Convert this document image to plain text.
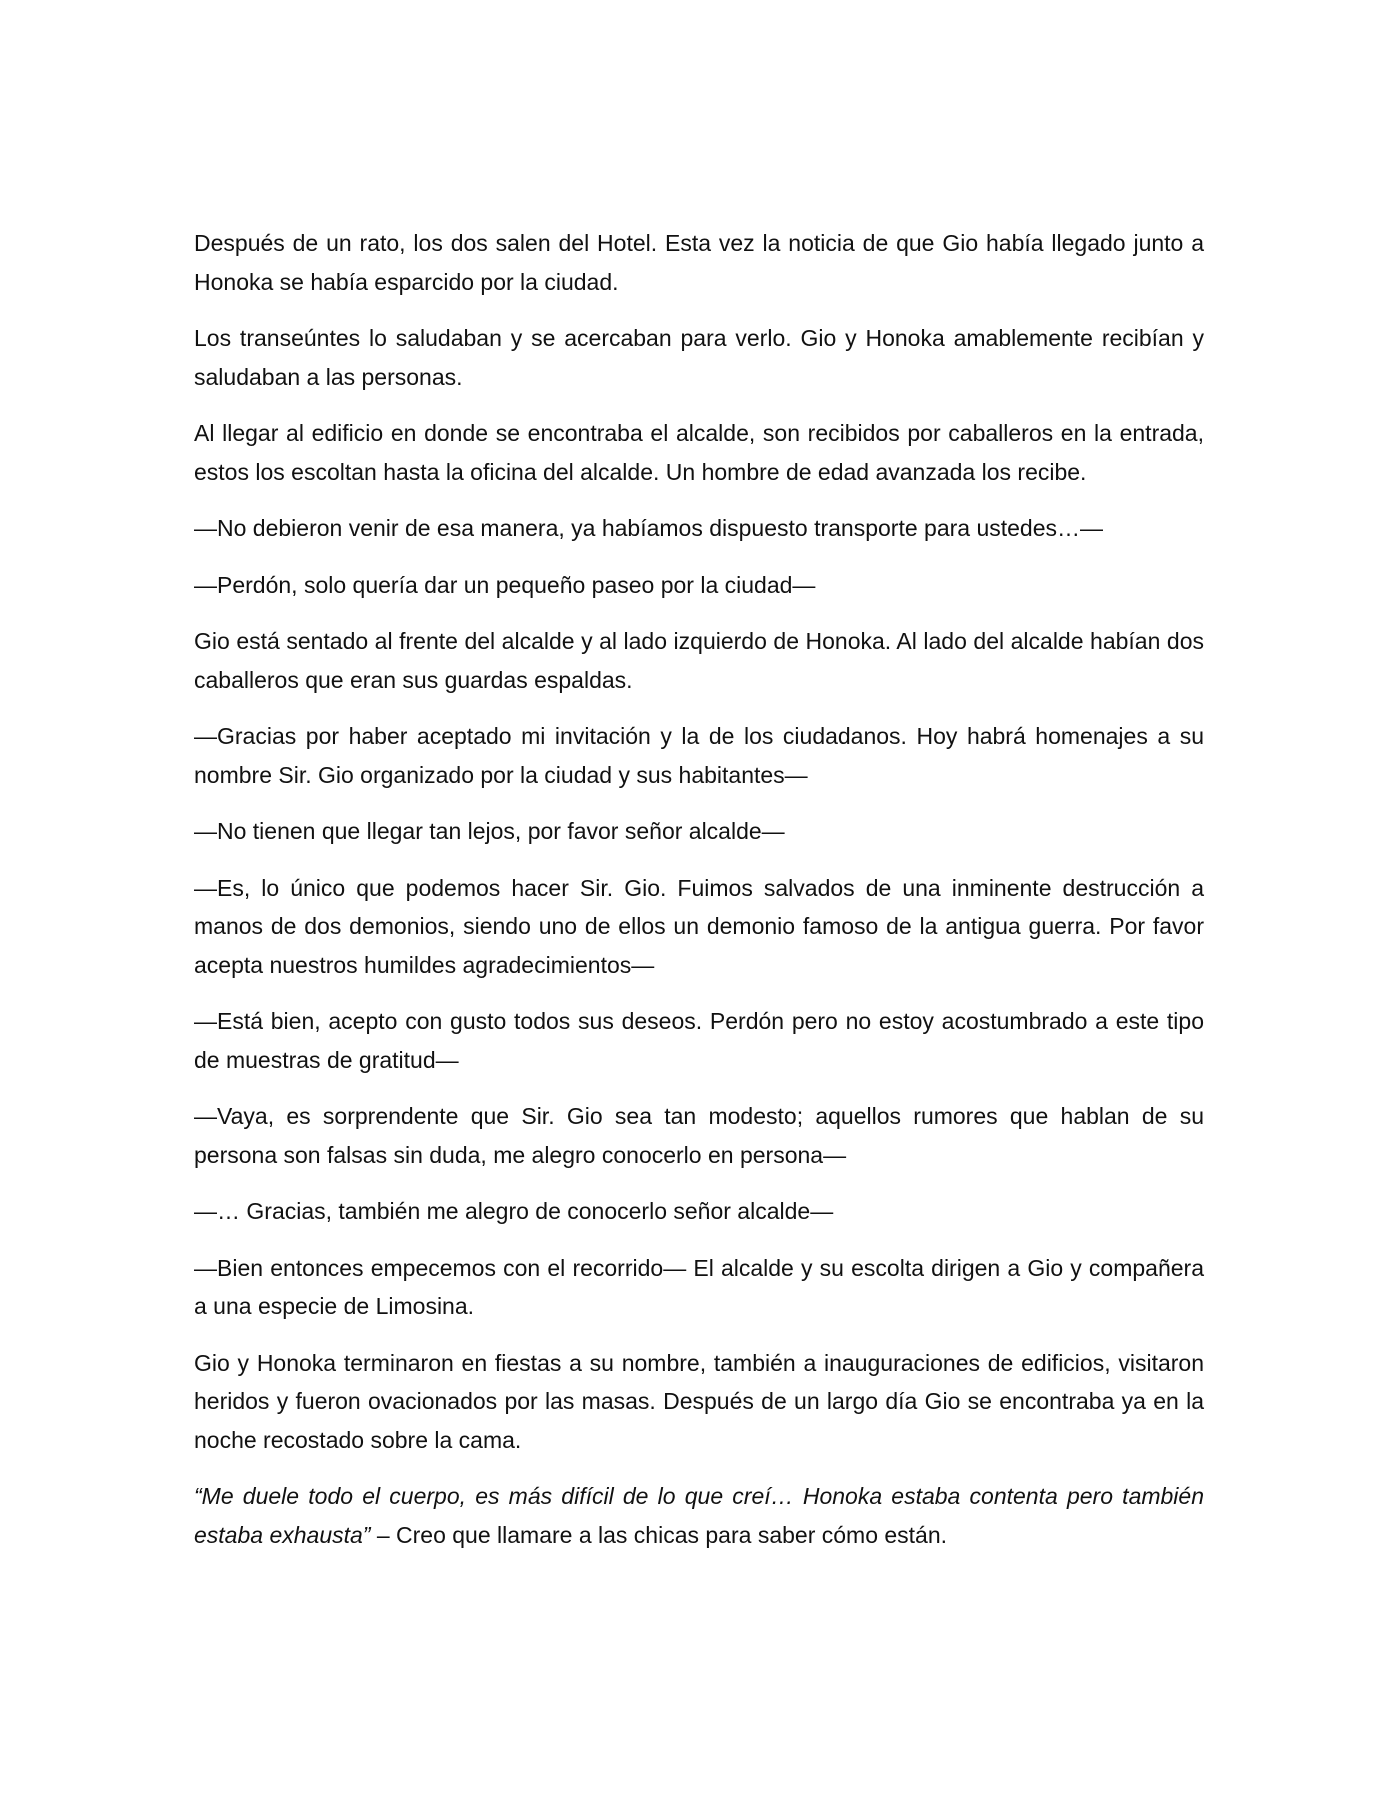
Después de un rato, los dos salen del Hotel. Esta vez la noticia de que Gio había llegado junto a Honoka se había esparcido por la ciudad.

Los transeúntes lo saludaban y se acercaban para verlo. Gio y Honoka amablemente recibían y saludaban a las personas.

Al llegar al edificio en donde se encontraba el alcalde, son recibidos por caballeros en la entrada, estos los escoltan hasta la oficina del alcalde. Un hombre de edad avanzada los recibe.

—No debieron venir de esa manera, ya habíamos dispuesto transporte para ustedes…—

—Perdón, solo quería dar un pequeño paseo por la ciudad—

Gio está sentado al frente del alcalde y al lado izquierdo de Honoka. Al lado del alcalde habían dos caballeros que eran sus guardas espaldas.

—Gracias por haber aceptado mi invitación y la de los ciudadanos. Hoy habrá homenajes a su nombre Sir. Gio organizado por la ciudad y sus habitantes—

—No tienen que llegar tan lejos, por favor señor alcalde—

—Es, lo único que podemos hacer Sir. Gio. Fuimos salvados de una inminente destrucción a manos de dos demonios, siendo uno de ellos un demonio famoso de la antigua guerra. Por favor acepta nuestros humildes agradecimientos—

—Está bien, acepto con gusto todos sus deseos. Perdón pero no estoy acostumbrado a este tipo de muestras de gratitud—

—Vaya, es sorprendente que Sir. Gio sea tan modesto; aquellos rumores que hablan de su persona son falsas sin duda, me alegro conocerlo en persona—

—… Gracias, también me alegro de conocerlo señor alcalde—

—Bien entonces empecemos con el recorrido— El alcalde y su escolta dirigen a Gio y compañera a una especie de Limosina.

Gio y Honoka terminaron en fiestas a su nombre, también a inauguraciones de edificios, visitaron heridos y fueron ovacionados por las masas. Después de un largo día Gio se encontraba ya en la noche recostado sobre la cama.

“Me duele todo el cuerpo, es más difícil de lo que creí… Honoka estaba contenta pero también estaba exhausta” – Creo que llamare a las chicas para saber cómo están.
